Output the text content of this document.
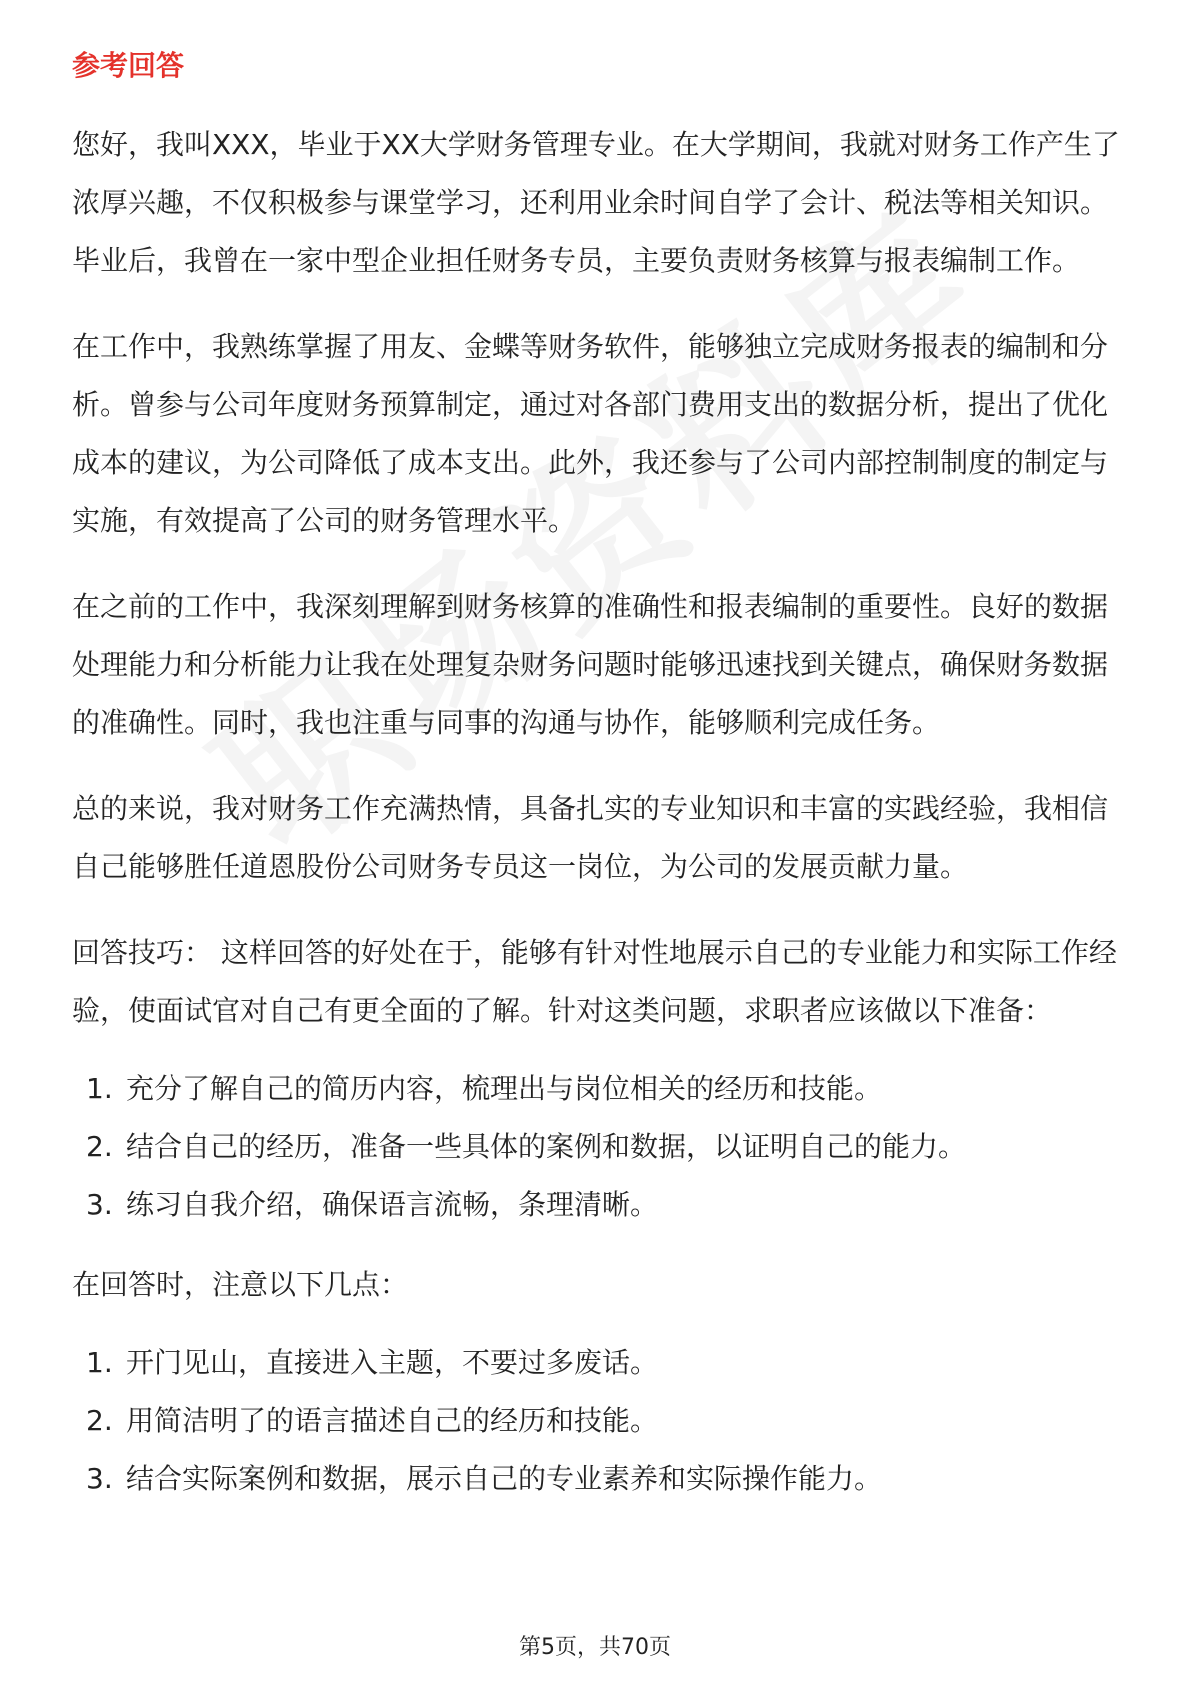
参考回答

您好，我叫XXX，毕业于XX大学财务管理专业。在大学期间，我就对财务工作产生了浓厚兴趣，不仅积极参与课堂学习，还利用业余时间自学了会计、税法等相关知识。毕业后，我曾在一家中型企业担任财务专员，主要负责财务核算与报表编制工作。

在工作中，我熟练掌握了用友、金蝶等财务软件，能够独立完成财务报表的编制和分析。曾参与公司年度财务预算制定，通过对各部门费用支出的数据分析，提出了优化成本的建议，为公司降低了成本支出。此外，我还参与了公司内部控制制度的制定与实施，有效提高了公司的财务管理水平。

在之前的工作中，我深刻理解到财务核算的准确性和报表编制的重要性。良好的数据处理能力和分析能力让我在处理复杂财务问题时能够迅速找到关键点，确保财务数据的准确性。同时，我也注重与同事的沟通与协作，能够顺利完成任务。

总的来说，我对财务工作充满热情，具备扎实的专业知识和丰富的实践经验，我相信自己能够胜任道恩股份公司财务专员这一岗位，为公司的发展贡献力量。

回答技巧： 这样回答的好处在于，能够有针对性地展示自己的专业能力和实际工作经验，使面试官对自己有更全面的了解。针对这类问题，求职者应该做以下准备：

1. 充分了解自己的简历内容，梳理出与岗位相关的经历和技能。
2. 结合自己的经历，准备一些具体的案例和数据，以证明自己的能力。
3. 练习自我介绍，确保语言流畅，条理清晰。

在回答时，注意以下几点：

1. 开门见山，直接进入主题，不要过多废话。
2. 用简洁明了的语言描述自己的经历和技能。
3. 结合实际案例和数据，展示自己的专业素养和实际操作能力。
第5页，共70页
